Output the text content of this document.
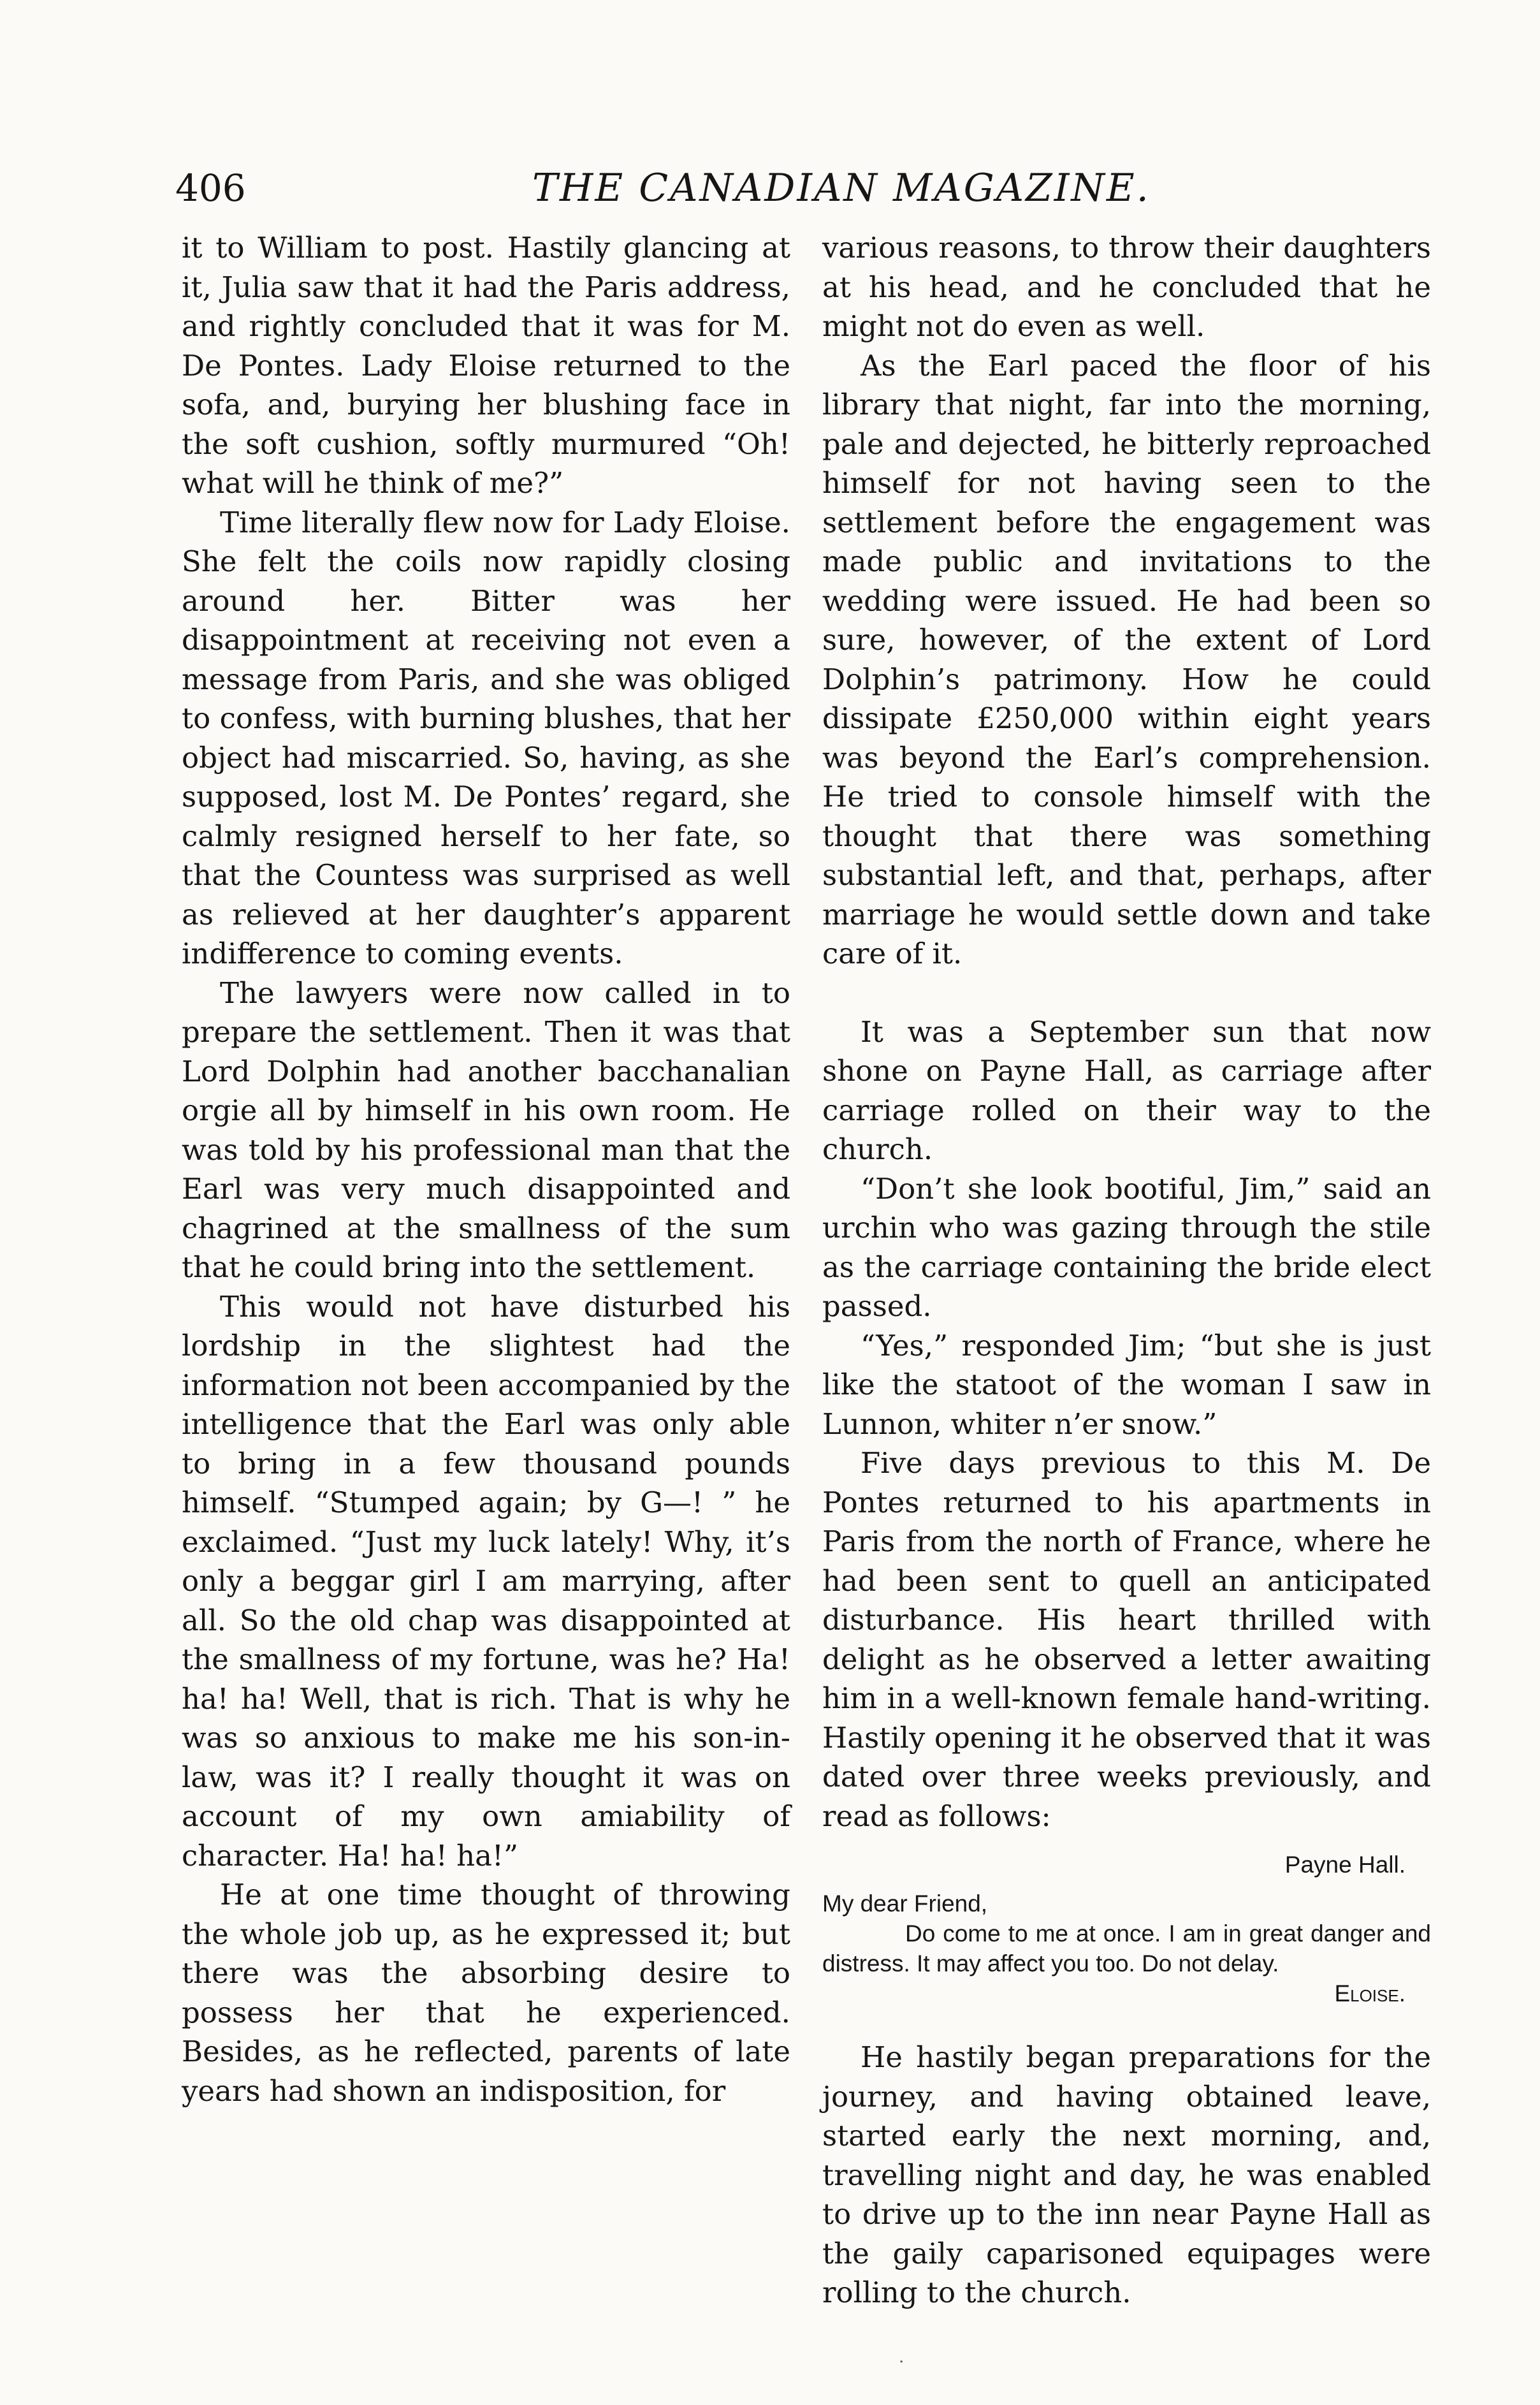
406	THE CANADIAN MAGAZINE.

it to William to post. Hastily glancing at it, Julia saw that it had the Paris address, and rightly concluded that it was for M. De Pontes. Lady Eloise returned to the sofa, and, burying her blushing face in the soft cushion, softly murmured “Oh! what will he think of me?”

Time literally flew now for Lady Eloise. She felt the coils now rapidly closing around her. Bitter was her disappointment at receiving not even a message from Paris, and she was obliged to confess, with burning blushes, that her object had miscarried. So, having, as she supposed, lost M. De Pontes’ regard, she calmly resigned herself to her fate, so that the Countess was surprised as well as relieved at her daughter’s apparent indifference to coming events.

The lawyers were now called in to prepare the settlement. Then it was that Lord Dolphin had another bacchanalian orgie all by himself in his own room. He was told by his professional man that the Earl was very much disappointed and chagrined at the smallness of the sum that he could bring into the settlement.

This would not have disturbed his lordship in the slightest had the information not been accompanied by the intelligence that the Earl was only able to bring in a few thousand pounds himself. “Stumped again; by G—! ” he exclaimed. “Just my luck lately! Why, it’s only a beggar girl I am marrying, after all. So the old chap was disappointed at the smallness of my fortune, was he? Ha! ha! ha! Well, that is rich. That is why he was so anxious to make me his son-in-law, was it? I really thought it was on account of my own amiability of character. Ha! ha! ha!”

He at one time thought of throwing the whole job up, as he expressed it; but there was the absorbing desire to possess her that he experienced. Besides, as he reflected, parents of late years had shown an indisposition, for

various reasons, to throw their daughters at his head, and he concluded that he might not do even as well.

As the Earl paced the floor of his library that night, far into the morning, pale and dejected, he bitterly reproached himself for not having seen to the settlement before the engagement was made public and invitations to the wedding were issued. He had been so sure, however, of the extent of Lord Dolphin’s patrimony. How he could dissipate £250,000 within eight years was beyond the Earl’s comprehension. He tried to console himself with the thought that there was something substantial left, and that, perhaps, after marriage he would settle down and take care of it.

It was a September sun that now shone on Payne Hall, as carriage after carriage rolled on their way to the church.

“Don’t she look bootiful, Jim,” said an urchin who was gazing through the stile as the carriage containing the bride elect passed.

“Yes,” responded Jim; “but she is just like the statoot of the woman I saw in Lunnon, whiter n’er snow.”

Five days previous to this M. De Pontes returned to his apartments in Paris from the north of France, where he had been sent to quell an anticipated disturbance. His heart thrilled with delight as he observed a letter awaiting him in a well-known female hand-writing. Hastily opening it he observed that it was dated over three weeks previously, and read as follows:

Payne Hall.
My dear Friend,
Do come to me at once. I am in great danger and distress. It may affect you too. Do not delay.
Eloise.

He hastily began preparations for the journey, and having obtained leave, started early the next morning, and, travelling night and day, he was enabled to drive up to the inn near Payne Hall as the gaily caparisoned equipages were rolling to the church.

·
